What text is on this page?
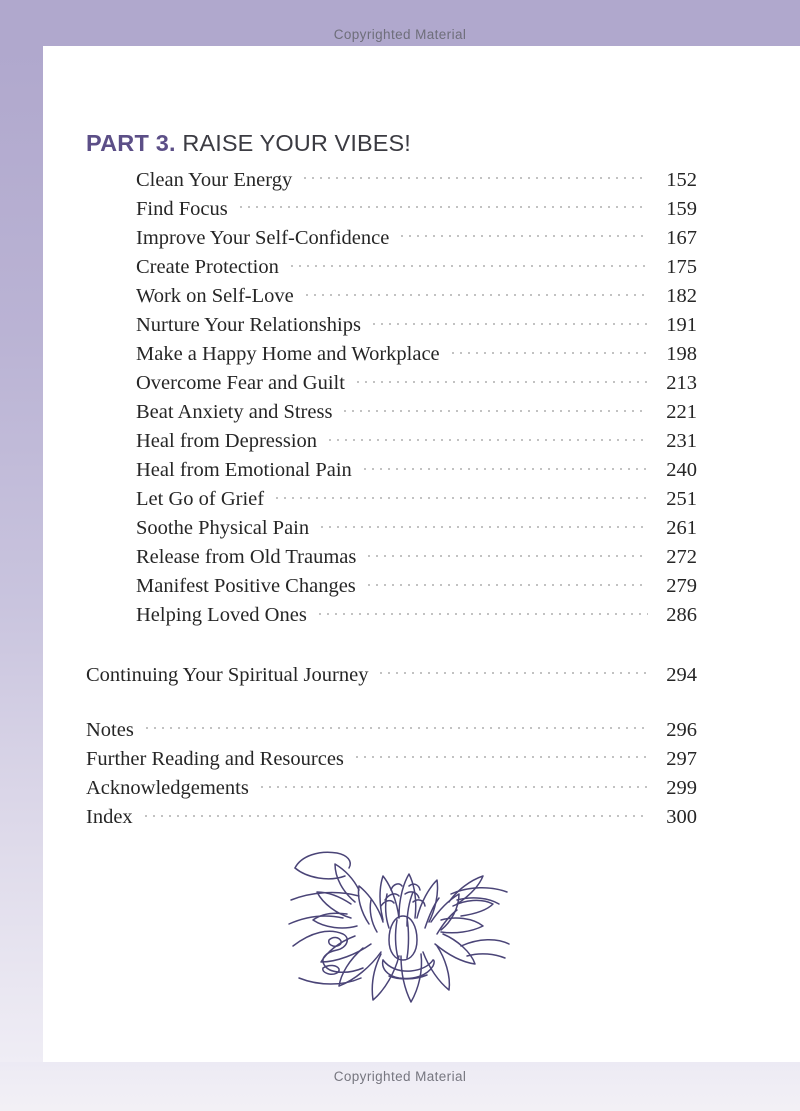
Copyrighted Material
PART 3. RAISE YOUR VIBES!
Clean Your Energy	152
Find Focus	159
Improve Your Self-Confidence	167
Create Protection	175
Work on Self-Love	182
Nurture Your Relationships	191
Make a Happy Home and Workplace	198
Overcome Fear and Guilt	213
Beat Anxiety and Stress	221
Heal from Depression	231
Heal from Emotional Pain	240
Let Go of Grief	251
Soothe Physical Pain	261
Release from Old Traumas	272
Manifest Positive Changes	279
Helping Loved Ones	286
Continuing Your Spiritual Journey	294
Notes	296
Further Reading and Resources	297
Acknowledgements	299
Index	300
Copyrighted Material
